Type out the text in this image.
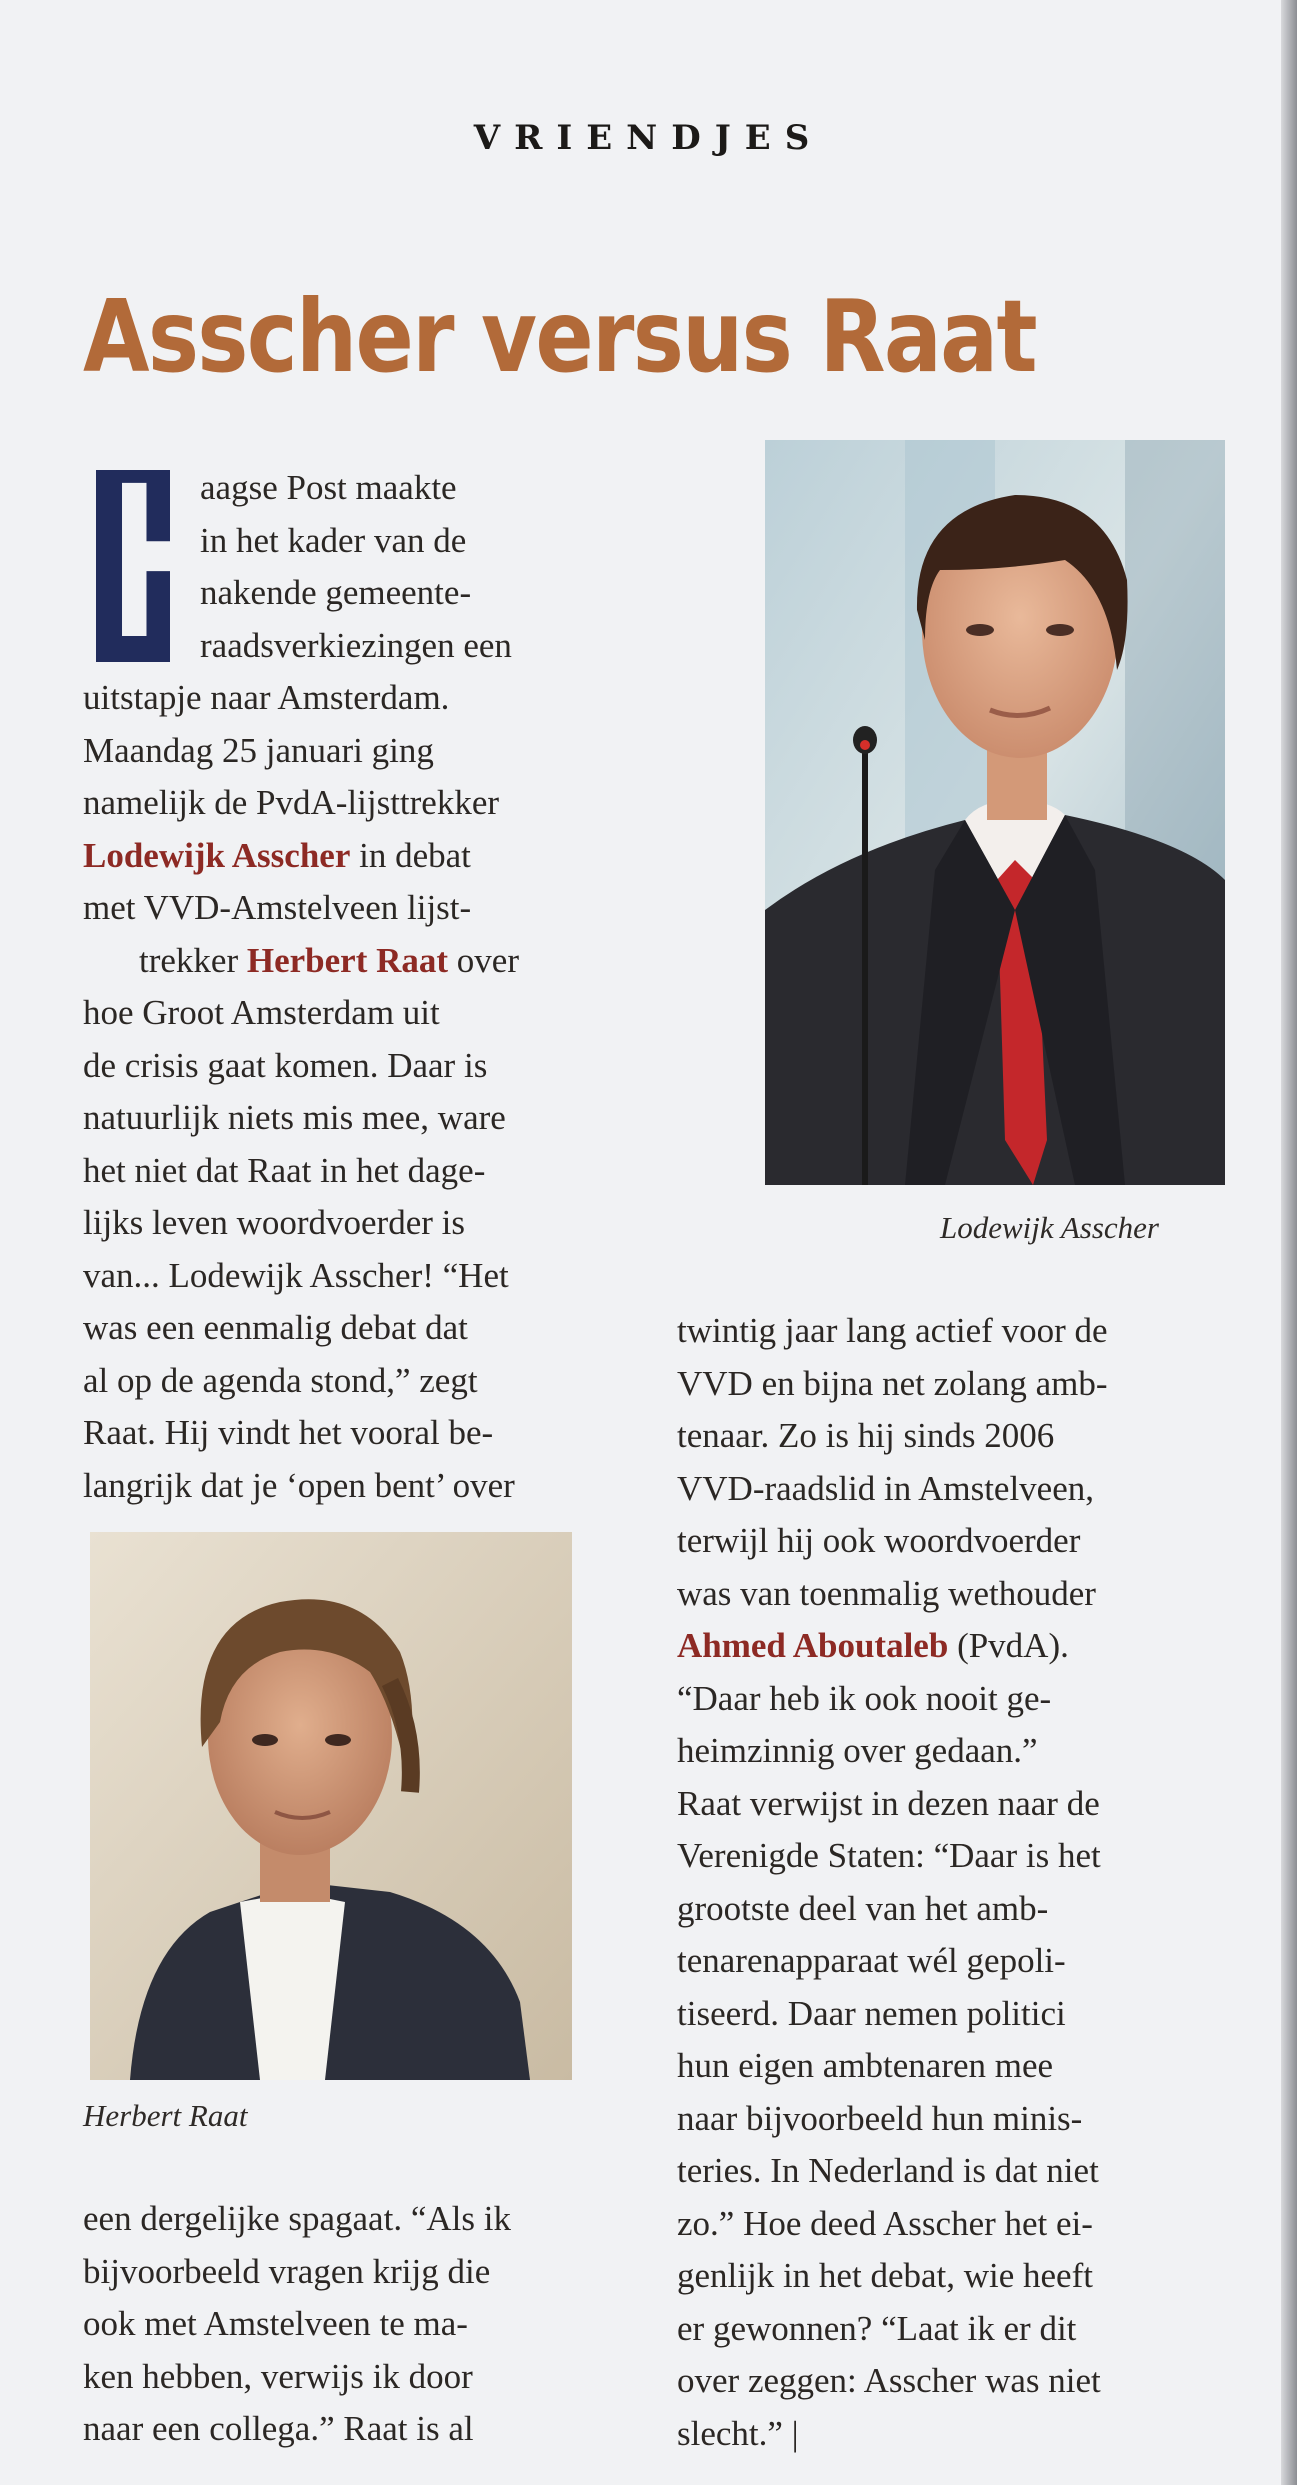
VRIENDJES
Asscher versus Raat
H
aagse Post maakte
in het kader van de
nakende gemeente-
raadsverkiezingen een
uitstapje naar Amsterdam.
Maandag 25 januari ging
namelijk de PvdA-lijsttrekker
Lodewijk Asscher in debat
met VVD-Amstelveen lijst-
trekker Herbert Raat over
hoe Groot Amsterdam uit
de crisis gaat komen. Daar is
natuurlijk niets mis mee, ware
het niet dat Raat in het dage-
lijks leven woordvoerder is
van... Lodewijk Asscher! “Het
was een eenmalig debat dat
al op de agenda stond,” zegt
Raat. Hij vindt het vooral be-
langrijk dat je ‘open bent’ over
Lodewijk Asscher
Herbert Raat
een dergelijke spagaat. “Als ik
bijvoorbeeld vragen krijg die
ook met Amstelveen te ma-
ken hebben, verwijs ik door
naar een collega.” Raat is al
twintig jaar lang actief voor de
VVD en bijna net zolang amb-
tenaar. Zo is hij sinds 2006
VVD-raadslid in Amstelveen,
terwijl hij ook woordvoerder
was van toenmalig wethouder
Ahmed Aboutaleb (PvdA).
“Daar heb ik ook nooit ge-
heimzinnig over gedaan.”
Raat verwijst in dezen naar de
Verenigde Staten: “Daar is het
grootste deel van het amb-
tenarenapparaat wél gepoli-
tiseerd. Daar nemen politici
hun eigen ambtenaren mee
naar bijvoorbeeld hun minis-
teries. In Nederland is dat niet
zo.” Hoe deed Asscher het ei-
genlijk in het debat, wie heeft
er gewonnen? “Laat ik er dit
over zeggen: Asscher was niet
slecht.” |
